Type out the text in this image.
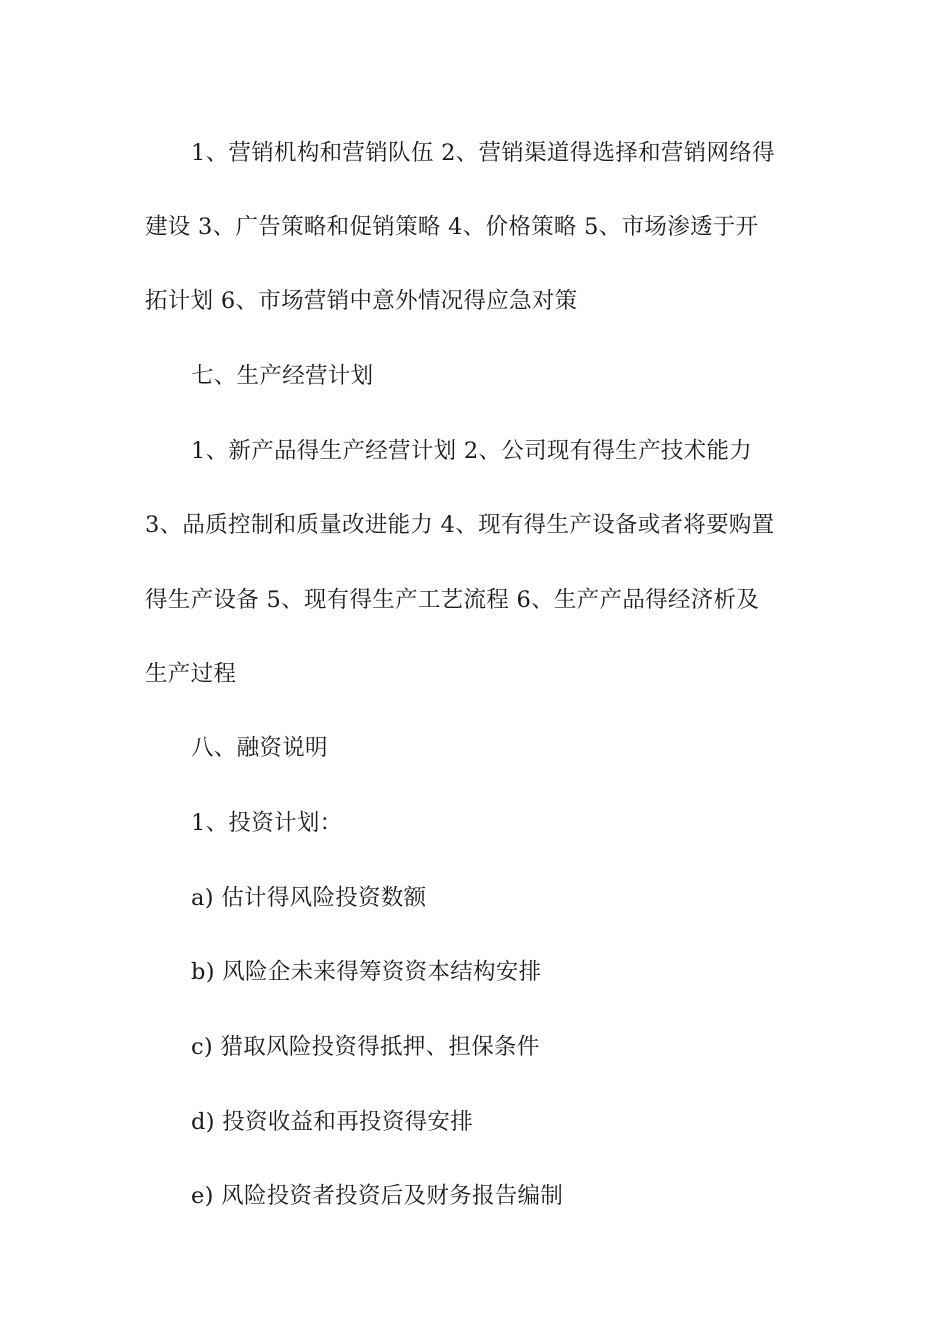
1、营销机构和营销队伍 2、营销渠道得选择和营销网络得
建设 3、广告策略和促销策略 4、价格策略 5、市场渗透于开
拓计划 6、市场营销中意外情况得应急对策
七、生产经营计划
1、新产品得生产经营计划 2、公司现有得生产技术能力
3、品质控制和质量改进能力 4、现有得生产设备或者将要购置
得生产设备 5、现有得生产工艺流程 6、生产产品得经济析及
生产过程
八、融资说明
1、投资计划：
a) 估计得风险投资数额
b) 风险企未来得筹资资本结构安排
c) 猎取风险投资得抵押、担保条件
d) 投资收益和再投资得安排
e) 风险投资者投资后及财务报告编制
